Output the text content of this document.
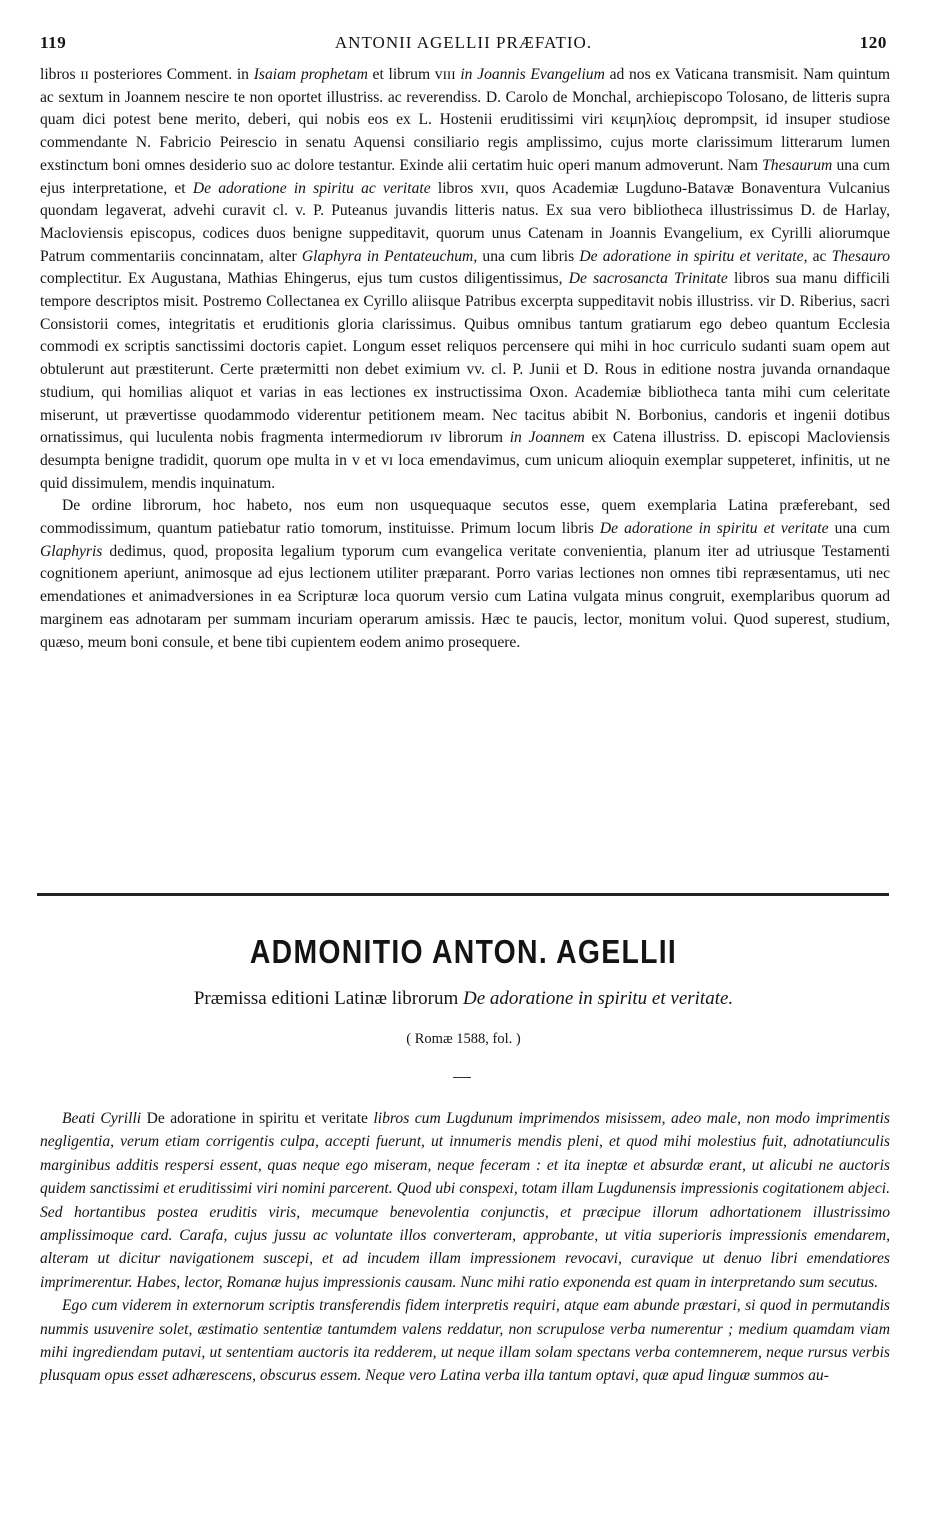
119	ANTONII AGELLII PRÆFATIO.	120

libros ɪɪ posteriores Comment. in Isaiam prophetam et librum ᴠɪɪɪ in Joannis Evangelium ad nos ex Vaticana transmisit. Nam quintum ac sextum in Joannem nescire te non oportet illustriss. ac reverendiss. D. Carolo de Monchal, archiepiscopo Tolosano, de litteris supra quam dici potest bene merito, deberi, qui nobis eos ex L. Hostenii eruditissimi viri κειμηλίοις deprompsit, id insuper studiose commendante N. Fabricio Peirescio in senatu Aquensi consiliario regis amplissimo, cujus morte clarissimum litterarum lumen exstinctum boni omnes desiderio suo ac dolore testantur. Exinde alii certatim huic operi manum admoverunt. Nam Thesaurum una cum ejus interpretatione, et De adoratione in spiritu ac veritate libros xᴠɪɪ, quos Academiæ Lugduno-Batavæ Bonaventura Vulcanius quondam legaverat, advehi curavit cl. v. P. Puteanus juvandis litteris natus. Ex sua vero bibliotheca illustrissimus D. de Harlay, Macloviensis episcopus, codices duos benigne suppeditavit, quorum unus Catenam in Joannis Evangelium, ex Cyrilli aliorumque Patrum commentariis concinnatam, alter Glaphyra in Pentateuchum, una cum libris De adoratione in spiritu et veritate, ac Thesauro complectitur. Ex Augustana, Mathias Ehingerus, ejus tum custos diligentissimus, De sacrosancta Trinitate libros sua manu difficili tempore descriptos misit. Postremo Collectanea ex Cyrillo aliisque Patribus excerpta suppeditavit nobis illustriss. vir D. Riberius, sacri Consistorii comes, integritatis et eruditionis gloria clarissimus. Quibus omnibus tantum gratiarum ego debeo quantum Ecclesia commodi ex scriptis sanctissimi doctoris capiet. Longum esset reliquos percensere qui mihi in hoc curriculo sudanti suam opem aut obtulerunt aut præstiterunt. Certe prætermitti non debet eximium vv. cl. P. Junii et D. Rous in editione nostra juvanda ornandaque studium, qui homilias aliquot et varias in eas lectiones ex instructissima Oxon. Academiæ bibliotheca tanta mihi cum celeritate miserunt, ut prævertisse quodammodo viderentur petitionem meam. Nec tacitus abibit N. Borbonius, candoris et ingenii dotibus ornatissimus, qui luculenta nobis fragmenta intermediorum ɪᴠ librorum in Joannem ex Catena illustriss. D. episcopi Macloviensis desumpta benigne tradidit, quorum ope multa in ᴠ et ᴠɪ loca emendavimus, cum unicum alioquin exemplar suppeteret, infinitis, ut ne quid dissimulem, mendis inquinatum.

De ordine librorum, hoc habeto, nos eum non usquequaque secutos esse, quem exemplaria Latina præferebant, sed commodissimum, quantum patiebatur ratio tomorum, instituisse. Primum locum libris De adoratione in spiritu et veritate una cum Glaphyris dedimus, quod, proposita legalium typorum cum evangelica veritate convenientia, planum iter ad utriusque Testamenti cognitionem aperiunt, animosque ad ejus lectionem utiliter præparant. Porro varias lectiones non omnes tibi repræsentamus, uti nec emendationes et animadversiones in ea Scripturæ loca quorum versio cum Latina vulgata minus congruit, exemplaribus quorum ad marginem eas adnotaram per summam incuriam operarum amissis. Hæc te paucis, lector, monitum volui. Quod superest, studium, quæso, meum boni consule, et bene tibi cupientem eodem animo prosequere.

ADMONITIO ANTON. AGELLII
Præmissa editioni Latinæ librorum De adoratione in spiritu et veritate.
( Romæ 1588, fol. )

Beati Cyrilli De adoratione in spiritu et veritate libros cum Lugdunum imprimendos misissem, adeo male, non modo imprimentis negligentia, verum etiam corrigentis culpa, accepti fuerunt, ut innumeris mendis pleni, et quod mihi molestius fuit, adnotatiunculis marginibus additis respersi essent, quas neque ego miseram, neque feceram : et ita ineptæ et absurdæ erant, ut alicubi ne auctoris quidem sanctissimi et eruditissimi viri nomini parcerent. Quod ubi conspexi, totam illam Lugdunensis impressionis cogitationem abjeci. Sed hortantibus postea eruditis viris, mecumque benevolentia conjunctis, et præcipue illorum adhortationem illustrissimo amplissimoque card. Carafa, cujus jussu ac voluntate illos converteram, approbante, ut vitia superioris impressionis emendarem, alteram ut dicitur navigationem suscepi, et ad incudem illam impressionem revocavi, curavique ut denuo libri emendatiores imprimerentur. Habes, lector, Romanæ hujus impressionis causam. Nunc mihi ratio exponenda est quam in interpretando sum secutus.

Ego cum viderem in externorum scriptis transferendis fidem interpretis requiri, atque eam abunde præstari, si quod in permutandis nummis usuvenire solet, æstimatio sententiæ tantumdem valens reddatur, non scrupulose verba numerentur ; medium quamdam viam mihi ingrediendam putavi, ut sententiam auctoris ita redderem, ut neque illam solam spectans verba contemnerem, neque rursus verbis plusquam opus esset adhærescens, obscurus essem. Neque vero Latina verba illa tantum optavi, quæ apud linguæ summos au-
